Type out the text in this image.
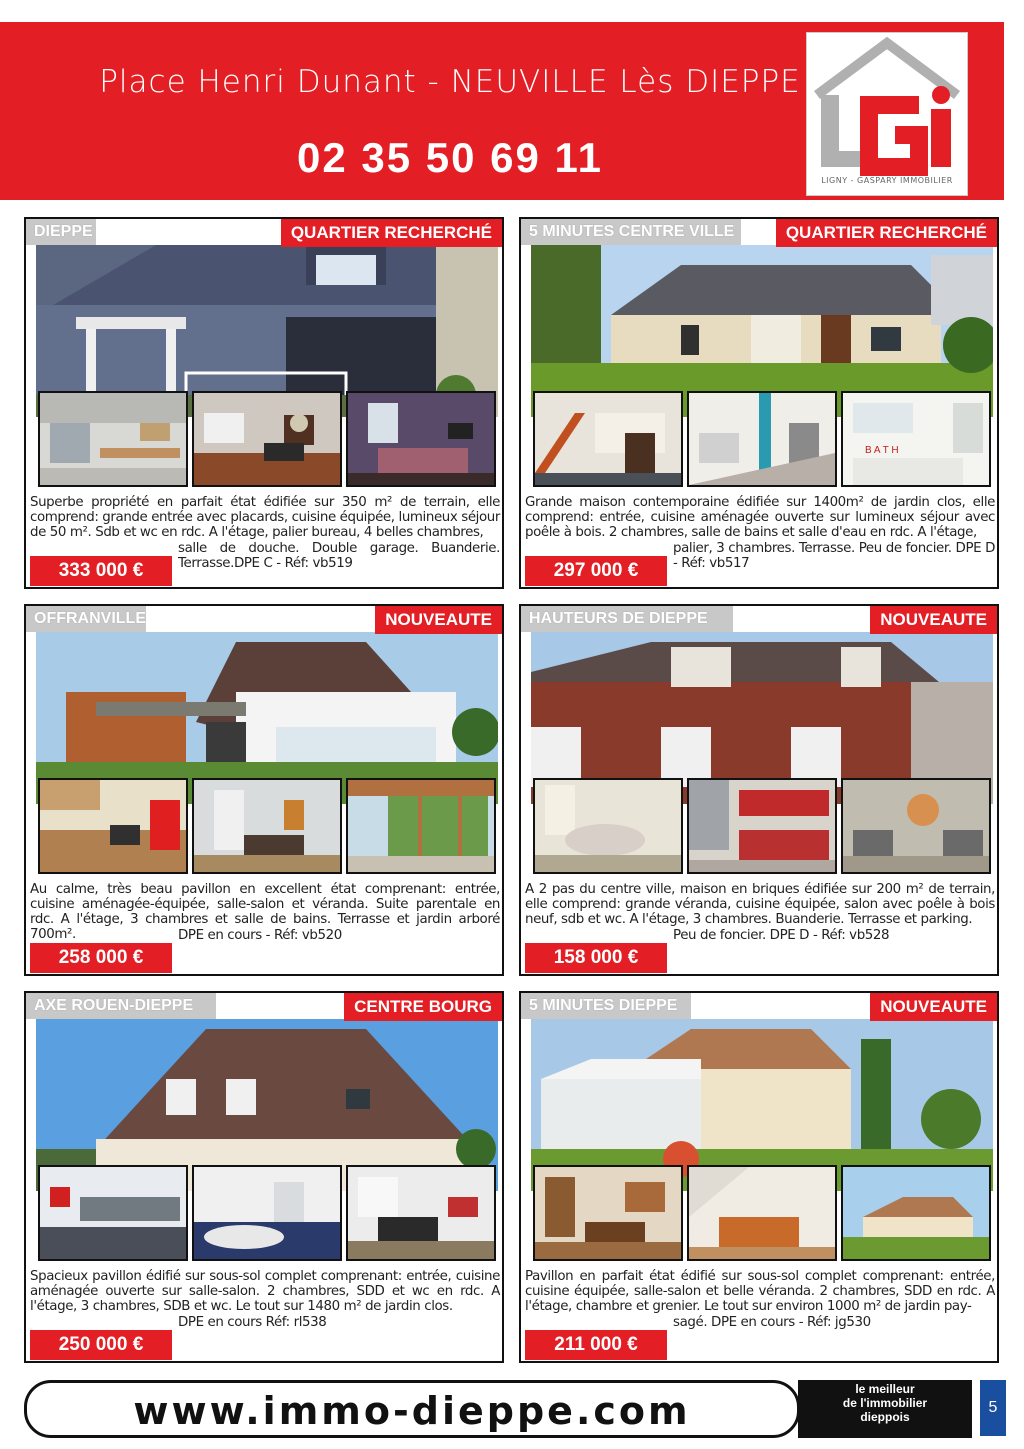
Place Henri Dunant - NEUVILLE Lès DIEPPE
02 35 50 69 11	LIGNY - GASPARY IMMOBILIER
DIEPPE	QUARTIER RECHERCHÉ
Superbe propriété en parfait état édifiée sur 350 m² de terrain, elle comprend: grande entrée avec placards, cuisine équipée, lumineux séjour de 50 m². Sdb et wc en rdc. A l'étage, palier bureau, 4 belles chambres,
salle de douche. Double garage. Buanderie. Terrasse.DPE C - Réf: vb519
333 000 €
5 MINUTES CENTRE VILLE	QUARTIER RECHERCHÉ
B A T H
Grande maison contemporaine édifiée sur 1400m² de jardin clos, elle comprend: entrée, cuisine aménagée ouverte sur lumineux séjour avec poêle à bois. 2 chambres, salle de bains et salle d'eau en rdc. A l'étage,
palier, 3 chambres. Terrasse. Peu de foncier. DPE D - Réf: vb517
297 000 €
OFFRANVILLE	NOUVEAUTE
Au calme, très beau pavillon en excellent état comprenant: entrée, cuisine aménagée-équipée, salle-salon et véranda. Suite parentale en rdc. A l'étage, 3 chambres et salle de bains. Terrasse et jardin arboré 700m².	DPE en cours - Réf: vb520
258 000 €
HAUTEURS DE DIEPPE	NOUVEAUTE
A 2 pas du centre ville, maison en briques édifiée sur 200 m² de terrain, elle comprend: grande véranda, cuisine équipée, salon avec poêle à bois neuf, sdb et wc. A l'étage, 3 chambres. Buanderie. Terrasse et parking.
Peu de foncier. DPE D - Réf: vb528
158 000 €
AXE ROUEN-DIEPPE	CENTRE BOURG
Spacieux pavillon édifié sur sous-sol complet comprenant: entrée, cuisine aménagée ouverte sur salle-salon. 2 chambres, SDD et wc en rdc. A l'étage, 3 chambres, SDB et wc. Le tout sur 1480 m² de jardin clos.
DPE en cours Réf: rl538
250 000 €
5 MINUTES DIEPPE	NOUVEAUTE
Pavillon en parfait état édifié sur sous-sol complet comprenant: entrée, cuisine équipée, salle-salon et belle véranda. 2 chambres, SDD en rdc. A l'étage, chambre et grenier. Le tout sur environ 1000 m² de jardin pay-
sagé. DPE en cours - Réf: jg530
211 000 €
www.immo-dieppe.com	le meilleur
de l'immobilier
dieppois
5
